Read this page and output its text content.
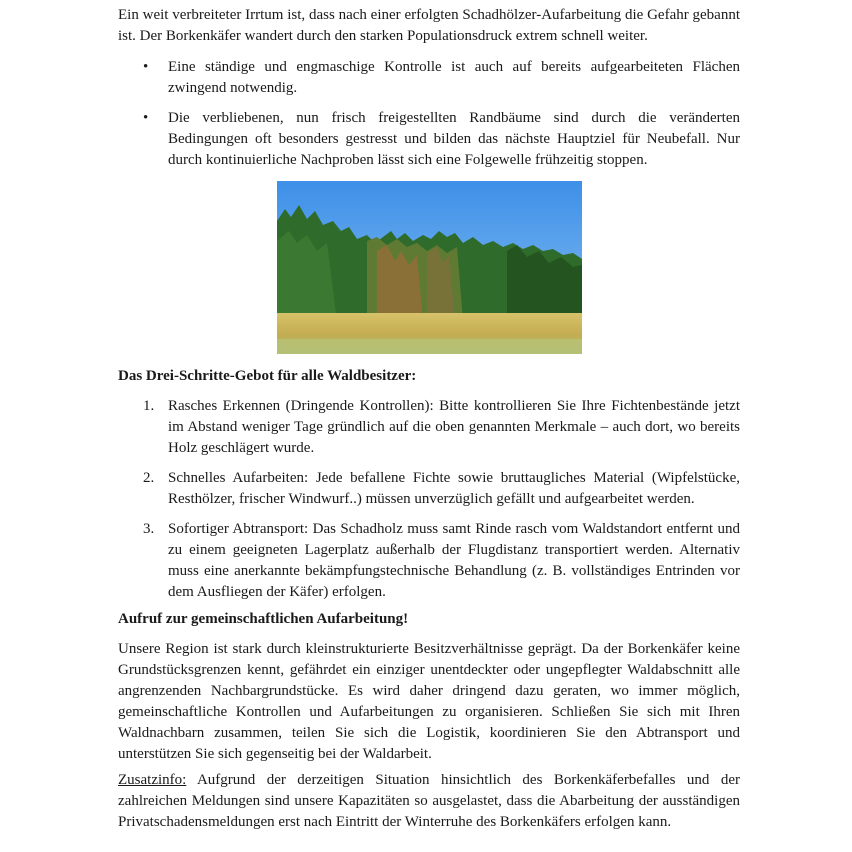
Ein weit verbreiteter Irrtum ist, dass nach einer erfolgten Schadhölzer-Aufarbeitung die Gefahr gebannt ist. Der Borkenkäfer wandert durch den starken Populationsdruck extrem schnell weiter.

• Eine ständige und engmaschige Kontrolle ist auch auf bereits aufgearbeiteten Flächen zwingend notwendig.
• Die verbliebenen, nun frisch freigestellten Randbäume sind durch die veränderten Bedingungen oft besonders gestresst und bilden das nächste Hauptziel für Neubefall. Nur durch kontinuierliche Nachproben lässt sich eine Folgewelle frühzeitig stoppen.

Das Drei-Schritte-Gebot für alle Waldbesitzer:

1. Rasches Erkennen (Dringende Kontrollen): Bitte kontrollieren Sie Ihre Fichtenbestände jetzt im Abstand weniger Tage gründlich auf die oben genannten Merkmale – auch dort, wo bereits Holz geschlägert wurde.
2. Schnelles Aufarbeiten: Jede befallene Fichte sowie bruttaugliches Material (Wipfelstücke, Resthölzer, frischer Windwurf..) müssen unverzüglich gefällt und aufgearbeitet werden.
3. Sofortiger Abtransport: Das Schadholz muss samt Rinde rasch vom Waldstandort entfernt und zu einem geeigneten Lagerplatz außerhalb der Flugdistanz transportiert werden. Alternativ muss eine anerkannte bekämpfungstechnische Behandlung (z. B. vollständiges Entrinden vor dem Ausfliegen der Käfer) erfolgen.

Aufruf zur gemeinschaftlichen Aufarbeitung!

Unsere Region ist stark durch kleinstrukturierte Besitzverhältnisse geprägt. Da der Borkenkäfer keine Grundstücksgrenzen kennt, gefährdet ein einziger unentdeckter oder ungepflegter Waldabschnitt alle angrenzenden Nachbargrundstücke. Es wird daher dringend dazu geraten, wo immer möglich, gemeinschaftliche Kontrollen und Aufarbeitungen zu organisieren. Schließen Sie sich mit Ihren Waldnachbarn zusammen, teilen Sie sich die Logistik, koordinieren Sie den Abtransport und unterstützen Sie sich gegenseitig bei der Waldarbeit.

Zusatzinfo: Aufgrund der derzeitigen Situation hinsichtlich des Borkenkäferbefalles und der zahlreichen Meldungen sind unsere Kapazitäten so ausgelastet, dass die Abarbeitung der ausständigen Privatschadensmeldungen erst nach Eintritt der Winterruhe des Borkenkäfers erfolgen kann.
